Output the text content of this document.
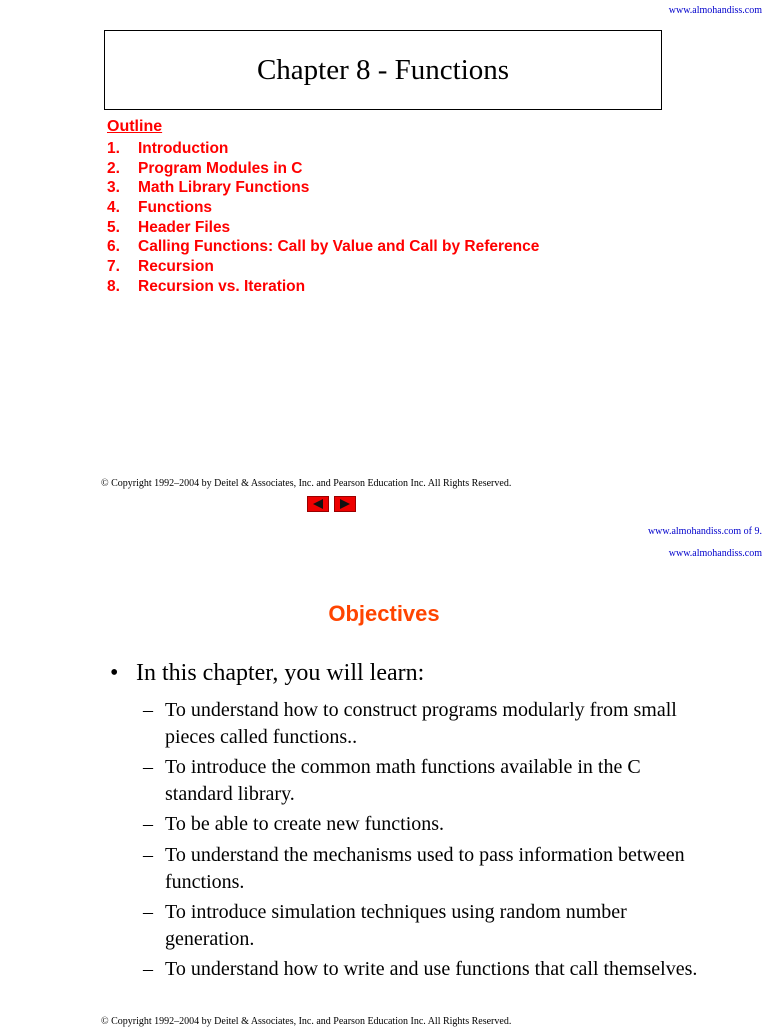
www.almohandiss.com
Chapter 8 - Functions
Outline
1.	Introduction
2.	Program Modules in C
3.	Math Library Functions
4.	Functions
5.	Header Files
6.	Calling Functions: Call by Value and Call by Reference
7.	Recursion
8.	Recursion vs. Iteration
© Copyright 1992–2004 by Deitel & Associates, Inc. and Pearson Education Inc. All Rights Reserved.
www.almohandiss.com of 9.
www.almohandiss.com
Objectives
• In this chapter, you will learn:
– To understand how to construct programs modularly from small pieces called functions..
– To introduce the common math functions available in the C standard library.
– To be able to create new functions.
– To understand the mechanisms used to pass information between functions.
– To introduce simulation techniques using random number generation.
– To understand how to write and use functions that call themselves.
© Copyright 1992–2004 by Deitel & Associates, Inc. and Pearson Education Inc. All Rights Reserved.
